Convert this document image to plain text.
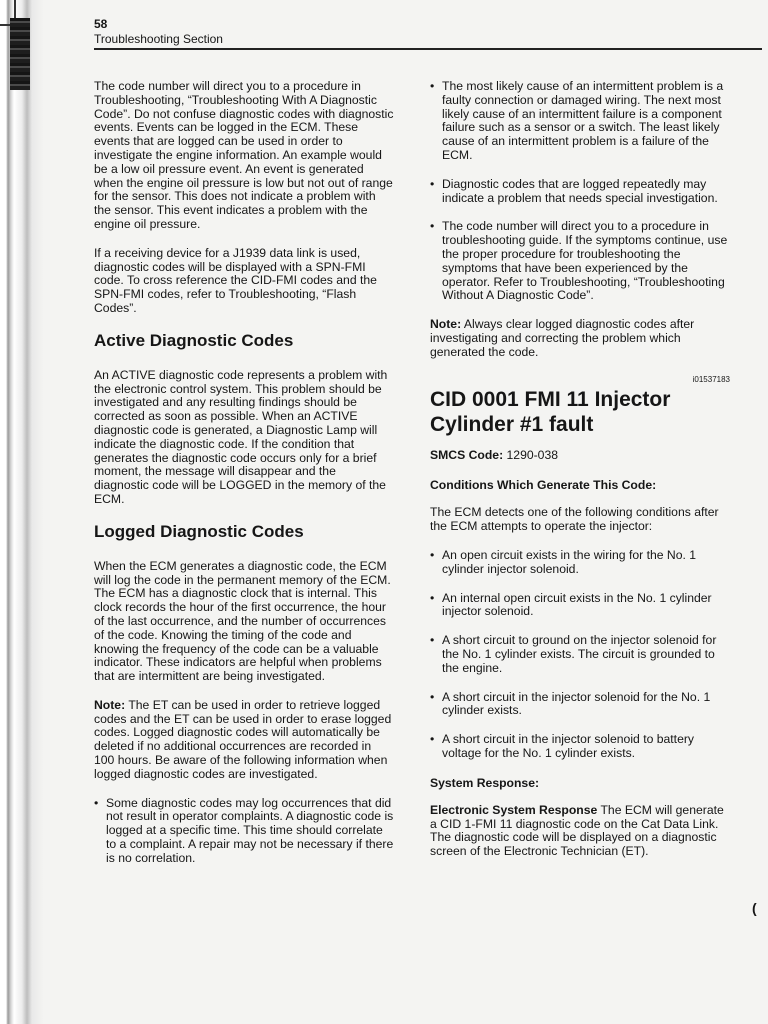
58
Troubleshooting Section

The code number will direct you to a procedure in Troubleshooting, “Troubleshooting With A Diagnostic Code”. Do not confuse diagnostic codes with diagnostic events. Events can be logged in the ECM. These events that are logged can be used in order to investigate the engine information. An example would be a low oil pressure event. An event is generated when the engine oil pressure is low but not out of range for the sensor. This does not indicate a problem with the sensor. This event indicates a problem with the engine oil pressure.

If a receiving device for a J1939 data link is used, diagnostic codes will be displayed with a SPN-FMI code. To cross reference the CID-FMI codes and the SPN-FMI codes, refer to Troubleshooting, “Flash Codes”.

Active Diagnostic Codes

An ACTIVE diagnostic code represents a problem with the electronic control system. This problem should be investigated and any resulting findings should be corrected as soon as possible. When an ACTIVE diagnostic code is generated, a Diagnostic Lamp will indicate the diagnostic code. If the condition that generates the diagnostic code occurs only for a brief moment, the message will disappear and the diagnostic code will be LOGGED in the memory of the ECM.

Logged Diagnostic Codes

When the ECM generates a diagnostic code, the ECM will log the code in the permanent memory of the ECM. The ECM has a diagnostic clock that is internal. This clock records the hour of the first occurrence, the hour of the last occurrence, and the number of occurrences of the code. Knowing the timing of the code and knowing the frequency of the code can be a valuable indicator. These indicators are helpful when problems that are intermittent are being investigated.

Note: The ET can be used in order to retrieve logged codes and the ET can be used in order to erase logged codes. Logged diagnostic codes will automatically be deleted if no additional occurrences are recorded in 100 hours. Be aware of the following information when logged diagnostic codes are investigated.

• Some diagnostic codes may log occurrences that did not result in operator complaints. A diagnostic code is logged at a specific time. This time should correlate to a complaint. A repair may not be necessary if there is no correlation.
• The most likely cause of an intermittent problem is a faulty connection or damaged wiring. The next most likely cause of an intermittent failure is a component failure such as a sensor or a switch. The least likely cause of an intermittent problem is a failure of the ECM.
• Diagnostic codes that are logged repeatedly may indicate a problem that needs special investigation.
• The code number will direct you to a procedure in troubleshooting guide. If the symptoms continue, use the proper procedure for troubleshooting the symptoms that have been experienced by the operator. Refer to Troubleshooting, “Troubleshooting Without A Diagnostic Code”.

Note: Always clear logged diagnostic codes after investigating and correcting the problem which generated the code.

i01537183
CID 0001 FMI 11 Injector Cylinder #1 fault

SMCS Code: 1290-038

Conditions Which Generate This Code:

The ECM detects one of the following conditions after the ECM attempts to operate the injector:

• An open circuit exists in the wiring for the No. 1 cylinder injector solenoid.
• An internal open circuit exists in the No. 1 cylinder injector solenoid.
• A short circuit to ground on the injector solenoid for the No. 1 cylinder exists. The circuit is grounded to the engine.
• A short circuit in the injector solenoid for the No. 1 cylinder exists.
• A short circuit in the injector solenoid to battery voltage for the No. 1 cylinder exists.
System Response:

Electronic System Response The ECM will generate a CID 1-FMI 11 diagnostic code on the Cat Data Link. The diagnostic code will be displayed on a diagnostic screen of the Electronic Technician (ET).

(
